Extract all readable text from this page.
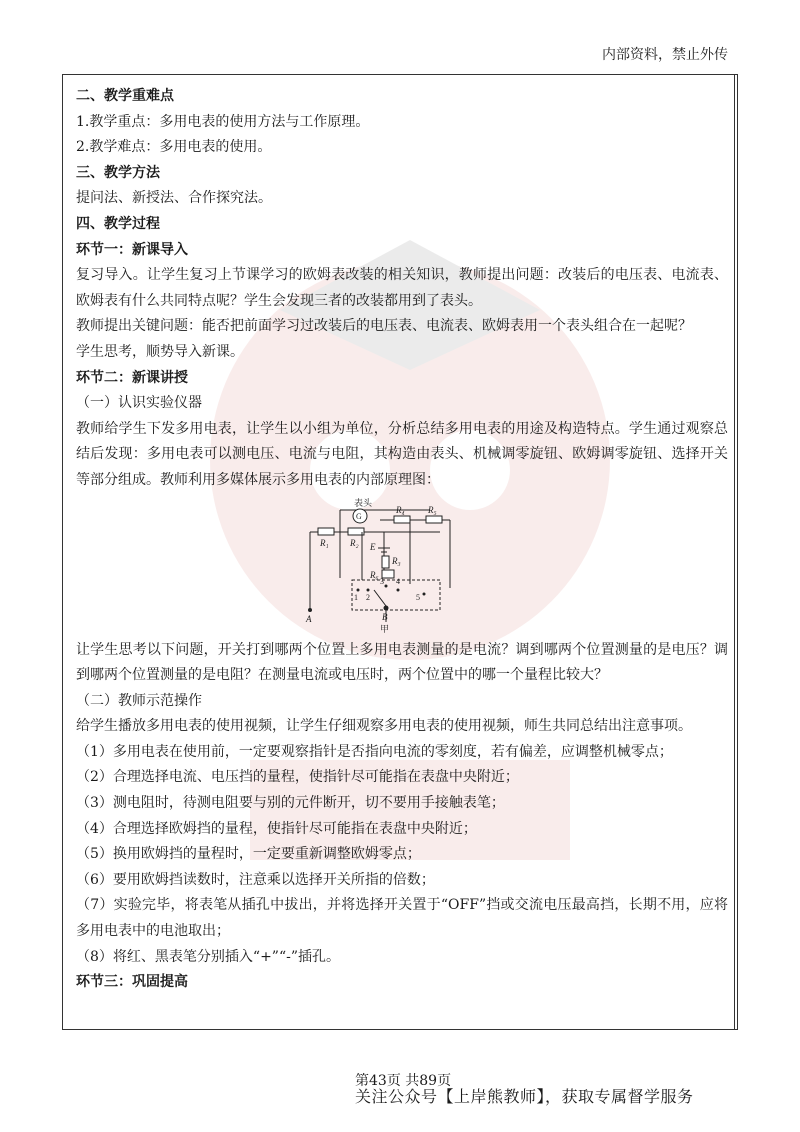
内部资料，禁止外传

二、教学重难点

1.教学重点：多用电表的使用方法与工作原理。

2.教学难点：多用电表的使用。

三、教学方法

提问法、新授法、合作探究法。

四、教学过程

环节一：新课导入

复习导入。让学生复习上节课学习的欧姆表改装的相关知识，教师提出问题：改装后的电压表、电流表、欧姆表有什么共同特点呢？学生会发现三者的改装都用到了表头。

教师提出关键问题：能否把前面学习过改装后的电压表、电流表、欧姆表用一个表头组合在一起呢？

学生思考，顺势导入新课。

环节二：新课讲授

（一）认识实验仪器

教师给学生下发多用电表，让学生以小组为单位，分析总结多用电表的用途及构造特点。学生通过观察总结后发现：多用电表可以测电压、电流与电阻，其构造由表头、机械调零旋钮、欧姆调零旋钮、选择开关等部分组成。教师利用多媒体展示多用电表的内部原理图：

表头
G
R₁ R₂
R₄	R₅
E
R₃
R₆
A	B
甲
1 2
3 4
5

让学生思考以下问题，开关打到哪两个位置上多用电表测量的是电流？调到哪两个位置测量的是电压？调到哪两个位置测量的是电阻？在测量电流或电压时，两个位置中的哪一个量程比较大？

（二）教师示范操作

给学生播放多用电表的使用视频，让学生仔细观察多用电表的使用视频，师生共同总结出注意事项。

（1）多用电表在使用前，一定要观察指针是否指向电流的零刻度，若有偏差，应调整机械零点；

（2）合理选择电流、电压挡的量程，使指针尽可能指在表盘中央附近；

（3）测电阻时，待测电阻要与别的元件断开，切不要用手接触表笔；

（4）合理选择欧姆挡的量程，使指针尽可能指在表盘中央附近；

（5）换用欧姆挡的量程时，一定要重新调整欧姆零点；

（6）要用欧姆挡读数时，注意乘以选择开关所指的倍数；

（7）实验完毕，将表笔从插孔中拔出，并将选择开关置于“OFF”挡或交流电压最高挡，长期不用，应将多用电表中的电池取出；

（8）将红、黑表笔分别插入“+”“-”插孔。

环节三：巩固提高

第43页 共89页
关注公众号【上岸熊教师】，获取专属督学服务
